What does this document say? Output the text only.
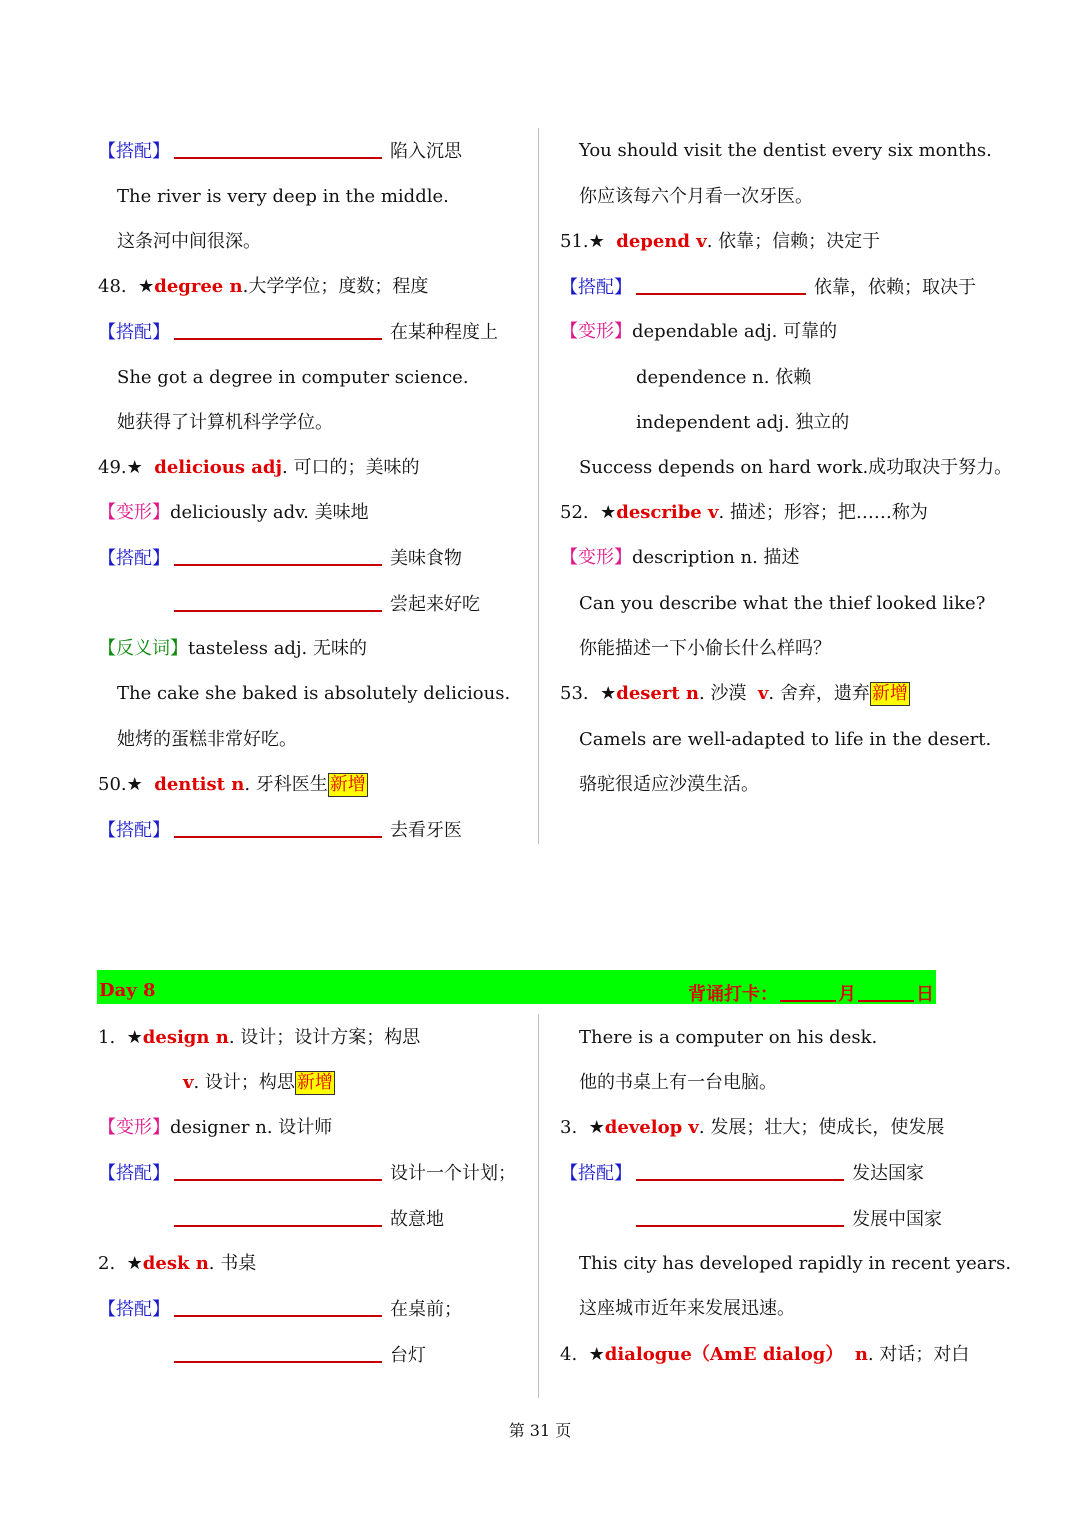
【搭配】	陷入沉思
The river is very deep in the middle.
这条河中间很深。
48. ★degree n.大学学位；度数；程度
【搭配】	在某种程度上
She got a degree in computer science.
她获得了计算机科学学位。
49.★ delicious adj. 可口的；美味的
【变形】deliciously adv. 美味地
【搭配】	美味食物
尝起来好吃
【反义词】tasteless adj. 无味的
The cake she baked is absolutely delicious.
她烤的蛋糕非常好吃。
50.★ dentist n. 牙科医生 新增
【搭配】	去看牙医
You should visit the dentist every six months.
你应该每六个月看一次牙医。
51.★ depend v. 依靠；信赖；决定于
【搭配】	依靠，依赖；取决于
【变形】dependable adj. 可靠的
dependence n. 依赖
independent adj. 独立的
Success depends on hard work.成功取决于努力。
52. ★describe v. 描述；形容；把……称为
【变形】description n. 描述
Can you describe what the thief looked like?
你能描述一下小偷长什么样吗？
53. ★desert n. 沙漠 v. 舍弃，遗弃 新增
Camels are well-adapted to life in the desert.
骆驼很适应沙漠生活。
Day 8	背诵打卡：	月	日
1. ★design n. 设计；设计方案；构思
v. 设计；构思 新增
【变形】designer n. 设计师
【搭配】	设计一个计划；
故意地
2. ★desk n. 书桌
【搭配】	在桌前；
台灯
There is a computer on his desk.
他的书桌上有一台电脑。
3. ★develop v. 发展；壮大；使成长，使发展
【搭配】	发达国家
发展中国家
This city has developed rapidly in recent years.
这座城市近年来发展迅速。
4. ★dialogue（AmE dialog） n. 对话；对白
第 31 页
